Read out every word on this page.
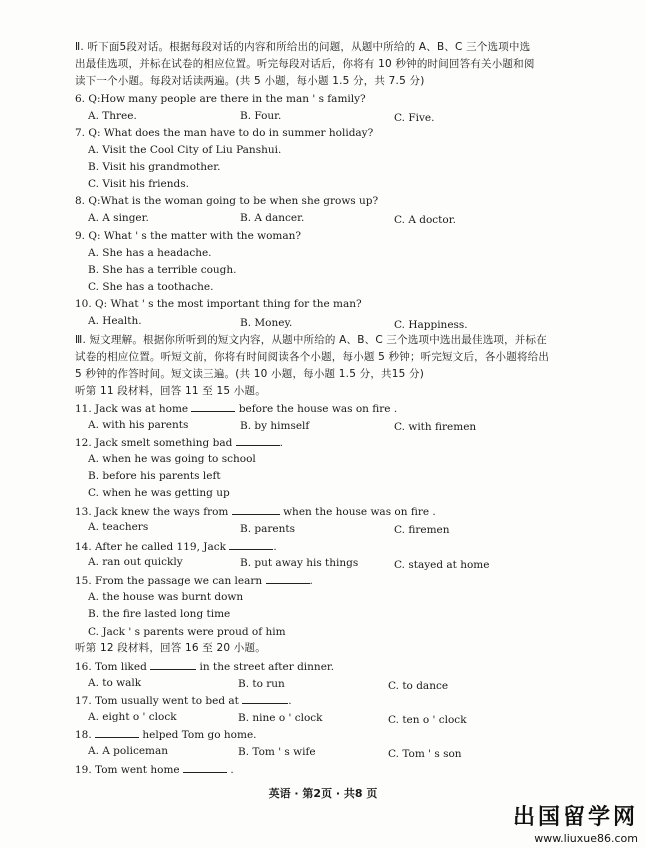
Ⅱ. 听下面5段对话。根据每段对话的内容和所给出的问题，从题中所给的 A、B、C 三个选项中选
出最佳选项，并标在试卷的相应位置。听完每段对话后，你将有 10 秒钟的时间回答有关小题和阅
读下一个小题。每段对话读两遍。(共 5 小题，每小题 1.5 分，共 7.5 分)
6. Q:How many people are there in the man ' s family?
A. Three.	B. Four.	C. Five.
7. Q: What does the man have to do in summer holiday?
A. Visit the Cool City of Liu Panshui.
B. Visit his grandmother.
C. Visit his friends.
8. Q:What is the woman going to be when she grows up?
A. A singer.	B. A dancer.	C. A doctor.
9. Q: What ' s the matter with the woman?
A. She has a headache.
B. She has a terrible cough.
C. She has a toothache.
10. Q: What ' s the most important thing for the man?
A. Health.	B. Money.	C. Happiness.
Ⅲ. 短文理解。根据你所听到的短文内容，从题中所给的 A、B、C 三个选项中选出最佳选项，并标在
试卷的相应位置。听短文前，你将有时间阅读各个小题，每小题 5 秒钟；听完短文后，各小题将给出
5 秒钟的作答时间。短文读三遍。(共 10 小题，每小题 1.5 分，共15 分)
听第 11 段材料，回答 11 至 15 小题。
11. Jack was at home	before the house was on fire .
A. with his parents	B. by himself	C. with firemen
12. Jack smelt something bad	.
A. when he was going to school
B. before his parents left
C. when he was getting up
13. Jack knew the ways from	when the house was on fire .
A. teachers	B. parents	C. firemen
14. After he called 119, Jack	.
A. ran out quickly	B. put away his things	C. stayed at home
15. From the passage we can learn	.
A. the house was burnt down
B. the fire lasted long time
C. Jack ' s parents were proud of him
听第 12 段材料，回答 16 至 20 小题。
16. Tom liked	in the street after dinner.
A. to walk	B. to run	C. to dance
17. Tom usually went to bed at	.
A. eight o ' clock	B. nine o ' clock	C. ten o ' clock
18.	helped Tom go home.
A. A policeman	B. Tom ' s wife	C. Tom ' s son
19. Tom went home	.
英语 · 第2页 · 共8 页
出国留学网
www.liuxue86.com
